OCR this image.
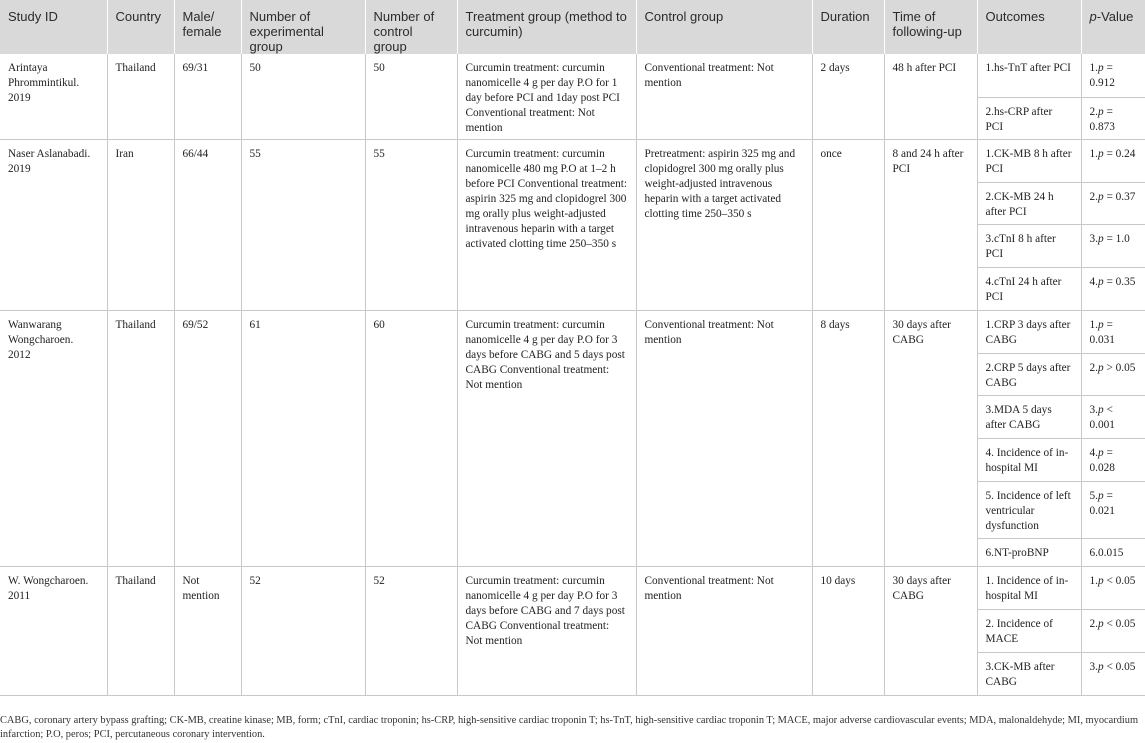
Study ID	Country	Male/ female	Number of experimental group	Number of control group	Treatment group (method to curcumin)	Control group	Duration	Time of following-up	Outcomes	p-Value

Arintaya Phrommintikul. 2019	Thailand	69/31	50	50	Curcumin treatment: curcumin nanomicelle 4 g per day P.O for 1 day before PCI and 1day post PCI Conventional treatment: Not mention	Conventional treatment: Not mention	2 days	48 h after PCI	1.hs-TnT after PCI	1.p = 0.912
									2.hs-CRP after PCI	2.p = 0.873

Naser Aslanabadi. 2019	Iran	66/44	55	55	Curcumin treatment: curcumin nanomicelle 480 mg P.O at 1–2 h before PCI Conventional treatment: aspirin 325 mg and clopidogrel 300 mg orally plus weight-adjusted intravenous heparin with a target activated clotting time 250–350 s	Pretreatment: aspirin 325 mg and clopidogrel 300 mg orally plus weight-adjusted intravenous heparin with a target activated clotting time 250–350 s	once	8 and 24 h after PCI	1.CK-MB 8 h after PCI	1.p = 0.24
									2.CK-MB 24 h after PCI	2.p = 0.37
									3.cTnI 8 h after PCI	3.p = 1.0
									4.cTnI 24 h after PCI	4.p = 0.35

Wanwarang Wongcharoen. 2012	Thailand	69/52	61	60	Curcumin treatment: curcumin nanomicelle 4 g per day P.O for 3 days before CABG and 5 days post CABG Conventional treatment: Not mention	Conventional treatment: Not mention	8 days	30 days after CABG	1.CRP 3 days after CABG	1.p = 0.031
									2.CRP 5 days after CABG	2.p > 0.05
									3.MDA 5 days after CABG	3.p < 0.001
									4. Incidence of in-hospital MI	4.p = 0.028
									5. Incidence of left ventricular dysfunction	5.p = 0.021
									6.NT-proBNP	6.0.015

W. Wongcharoen. 2011	Thailand	Not mention	52	52	Curcumin treatment: curcumin nanomicelle 4 g per day P.O for 3 days before CABG and 7 days post CABG Conventional treatment: Not mention	Conventional treatment: Not mention	10 days	30 days after CABG	1. Incidence of in-hospital MI	1.p < 0.05
									2. Incidence of MACE	2.p < 0.05
									3.CK-MB after CABG	3.p < 0.05
CABG, coronary artery bypass grafting; CK-MB, creatine kinase; MB, form; cTnI, cardiac troponin; hs-CRP, high-sensitive cardiac troponin T; hs-TnT, high-sensitive cardiac troponin T; MACE, major adverse cardiovascular events; MDA, malonaldehyde; MI, myocardium infarction; P.O, peros; PCI, percutaneous coronary intervention.
